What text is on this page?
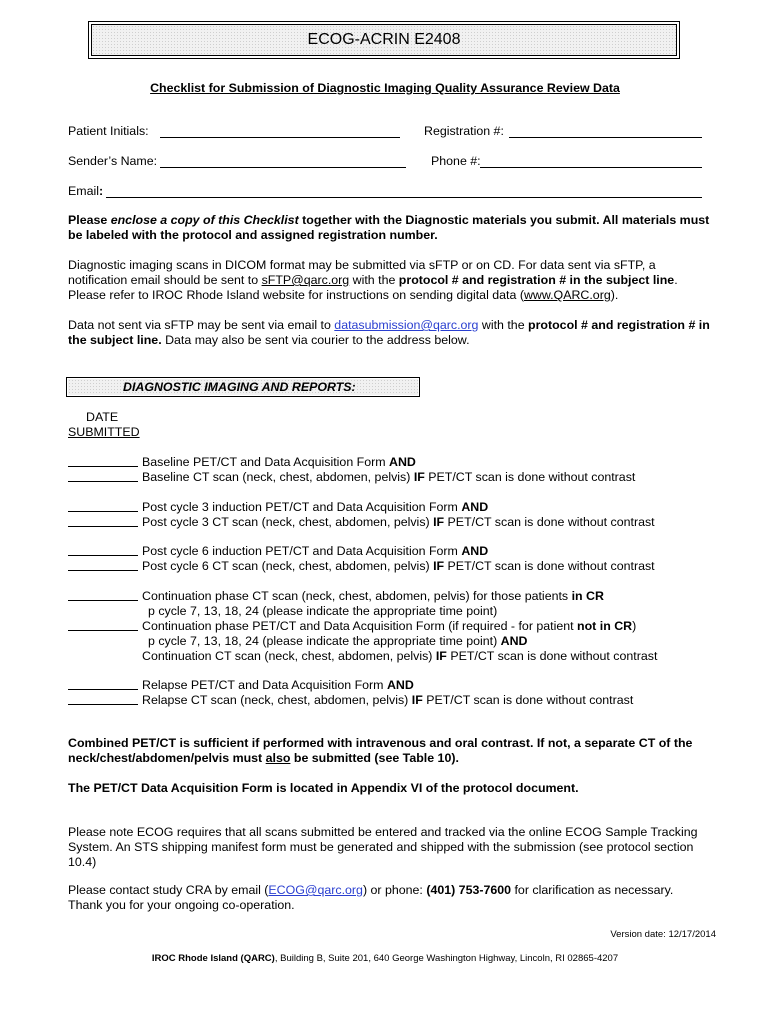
ECOG-ACRIN E2408
Checklist for Submission of Diagnostic Imaging Quality Assurance Review Data
Patient Initials:	Registration #:
Sender’s Name:	Phone #:
Email:
Please enclose a copy of this Checklist together with the Diagnostic materials you submit. All materials must be labeled with the protocol and assigned registration number.
Diagnostic imaging scans in DICOM format may be submitted via sFTP or on CD. For data sent via sFTP, a notification email should be sent to sFTP@qarc.org with the protocol # and registration # in the subject line. Please refer to IROC Rhode Island website for instructions on sending digital data (www.QARC.org).
Data not sent via sFTP may be sent via email to datasubmission@qarc.org with the protocol # and registration # in the subject line. Data may also be sent via courier to the address below.
DIAGNOSTIC IMAGING AND REPORTS:
DATE
SUBMITTED
Baseline PET/CT and Data Acquisition Form AND
Baseline CT scan (neck, chest, abdomen, pelvis) IF PET/CT scan is done without contrast
Post cycle 3 induction PET/CT and Data Acquisition Form AND
Post cycle 3 CT scan (neck, chest, abdomen, pelvis) IF PET/CT scan is done without contrast
Post cycle 6 induction PET/CT and Data Acquisition Form AND
Post cycle 6 CT scan (neck, chest, abdomen, pelvis) IF PET/CT scan is done without contrast
Continuation phase CT scan (neck, chest, abdomen, pelvis) for those patients in CR
p cycle 7, 13, 18, 24 (please indicate the appropriate time point)
Continuation phase PET/CT and Data Acquisition Form (if required - for patient not in CR)
p cycle 7, 13, 18, 24 (please indicate the appropriate time point) AND
Continuation CT scan (neck, chest, abdomen, pelvis) IF PET/CT scan is done without contrast
Relapse PET/CT and Data Acquisition Form AND
Relapse CT scan (neck, chest, abdomen, pelvis) IF PET/CT scan is done without contrast
Combined PET/CT is sufficient if performed with intravenous and oral contrast. If not, a separate CT of the neck/chest/abdomen/pelvis must also be submitted (see Table 10).
The PET/CT Data Acquisition Form is located in Appendix VI of the protocol document.
Please note ECOG requires that all scans submitted be entered and tracked via the online ECOG Sample Tracking System. An STS shipping manifest form must be generated and shipped with the submission (see protocol section 10.4)
Please contact study CRA by email (ECOG@qarc.org) or phone: (401) 753-7600 for clarification as necessary.
Thank you for your ongoing co-operation.
Version date: 12/17/2014
IROC Rhode Island (QARC), Building B, Suite 201, 640 George Washington Highway, Lincoln, RI 02865-4207
